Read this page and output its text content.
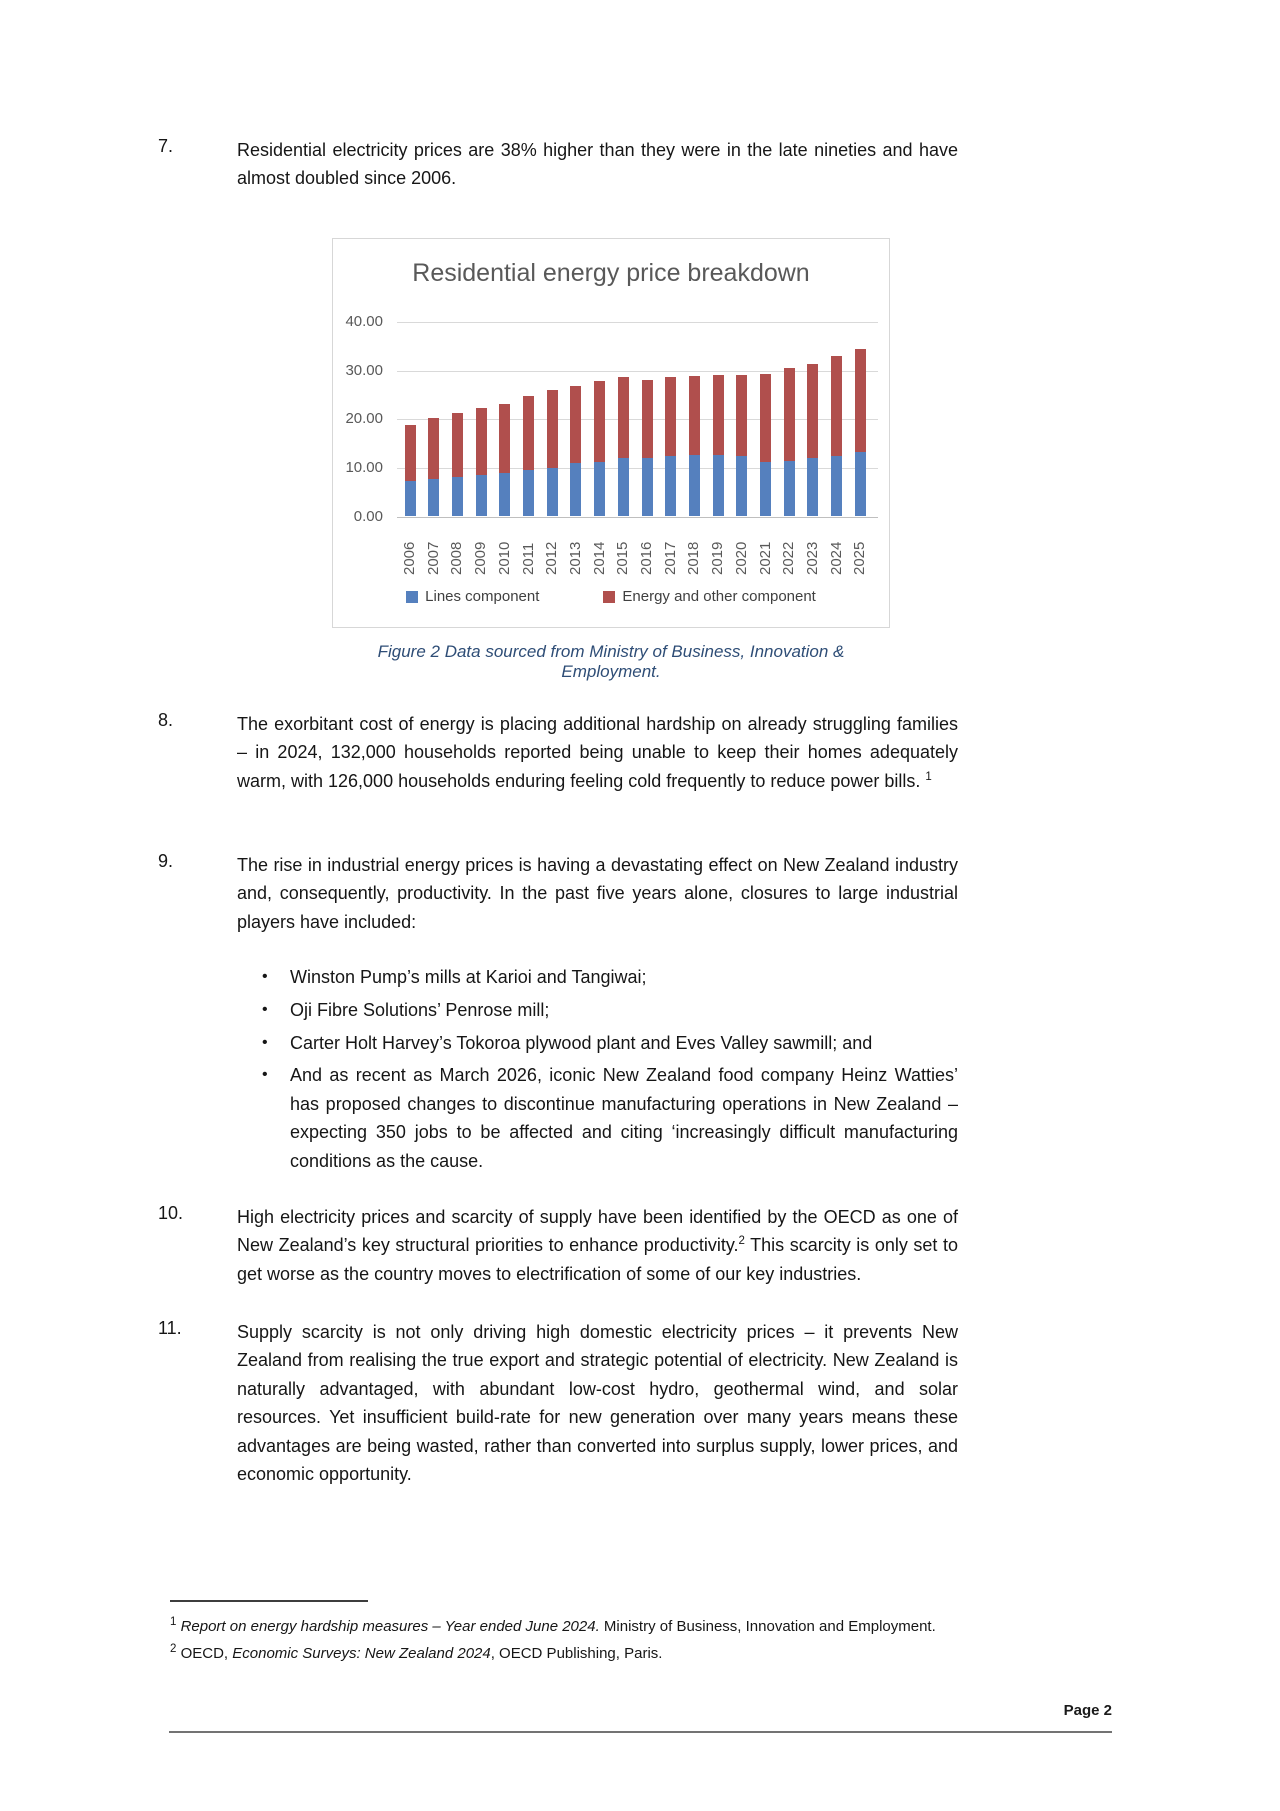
7.	Residential electricity prices are 38% higher than they were in the late nineties and have almost doubled since 2006.
Residential energy price breakdown
Lines component	Energy and other component
0.00
10.00
20.00
30.00
40.00
2006 2007 2008 2009 2010 2011 2012 2013 2014 2015 2016 2017 2018 2019 2020 2021 2022 2023 2024 2025
Figure 2 Data sourced from Ministry of Business, Innovation & Employment.
8.	The exorbitant cost of energy is placing additional hardship on already struggling families – in 2024, 132,000 households reported being unable to keep their homes adequately warm, with 126,000 households enduring feeling cold frequently to reduce power bills. $^1$
9.	The rise in industrial energy prices is having a devastating effect on New Zealand industry and, consequently, productivity. In the past five years alone, closures to large industrial players have included:
•	Winston Pump’s mills at Karioi and Tangiwai;
•	Oji Fibre Solutions’ Penrose mill;
•	Carter Holt Harvey’s Tokoroa plywood plant and Eves Valley sawmill; and
•	And as recent as March 2026, iconic New Zealand food company Heinz Watties’ has proposed changes to discontinue manufacturing operations in New Zealand – expecting 350 jobs to be affected and citing ‘increasingly difficult manufacturing conditions as the cause.
10.	High electricity prices and scarcity of supply have been identified by the OECD as one of New Zealand’s key structural priorities to enhance productivity.$^2$ This scarcity is only set to get worse as the country moves to electrification of some of our key industries.
11.	Supply scarcity is not only driving high domestic electricity prices – it prevents New Zealand from realising the true export and strategic potential of electricity. New Zealand is naturally advantaged, with abundant low-cost hydro, geothermal wind, and solar resources. Yet insufficient build-rate for new generation over many years means these advantages are being wasted, rather than converted into surplus supply, lower prices, and economic opportunity.
$^1$ Report on energy hardship measures – Year ended June 2024. Ministry of Business, Innovation and Employment.
$^2$ OECD, Economic Surveys: New Zealand 2024, OECD Publishing, Paris.
Page 2
